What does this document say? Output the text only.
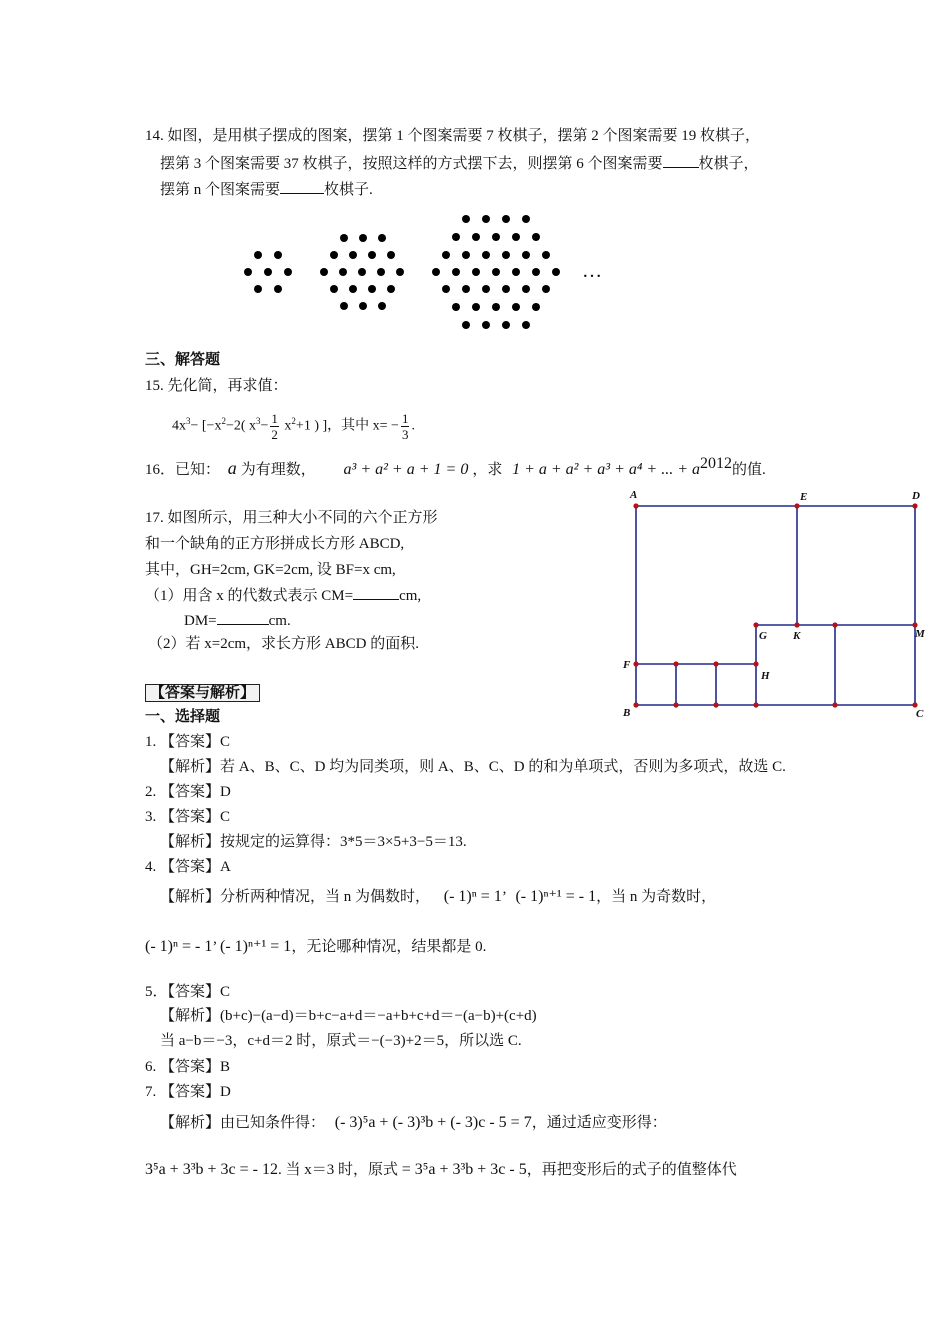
14. 如图，是用棋子摆成的图案，摆第 1 个图案需要 7 枚棋子，摆第 2 个图案需要 19 枚棋子，
摆第 3 个图案需要 37 枚棋子，按照这样的方式摆下去，则摆第 6 个图案需要 枚棋子，
摆第 n 个图案需要	枚棋子.
…
三、解答题
15. 先化简，再求值：
$4x^3- [-x^2-2$( $x^3- \frac{1}{2} x^2+1$ ) ]，其中 $x= - \frac{1}{3}$ .
16．已知： a 为有理数， a³ + a² + a + 1 = 0 ，求 1 + a + a² + a³ + a⁴ + ... + $a^{2012}$的值.
17. 如图所示，用三种大小不同的六个正方形
和一个缺角的正方形拼成长方形 ABCD,
其中，GH=2cm, GK=2cm, 设 BF=x cm,
（1）用含 x 的代数式表示 CM=	cm,
DM=	cm.
（2）若 x=2cm，求长方形 ABCD 的面积.
A	E	D
G K	M
F
H
B	C
【答案与解析】
一、选择题
1. 【答案】C
【解析】若 A、B、C、D 均为同类项，则 A、B、C、D 的和为单项式，否则为多项式，故选 C.
2. 【答案】D
3. 【答案】C
【解析】按规定的运算得：3*5＝3×5+3−5＝13.
4. 【答案】A
【解析】分析两种情况，当 n 为偶数时， (- 1)ⁿ = 1’ (- 1)ⁿ⁺¹ = - 1，当 n 为奇数时，
(- 1)ⁿ = - 1’ (- 1)ⁿ⁺¹ = 1，无论哪种情况，结果都是 0.
5．【答案】C
【解析】(b+c)−(a−d)＝b+c−a+d＝−a+b+c+d＝−(a−b)+(c+d)
当 a−b＝−3，c+d＝2 时，原式＝−(−3)+2＝5，所以选 C.
6. 【答案】B
7. 【答案】D
【解析】由已知条件得： (- 3)⁵a + (- 3)³b + (- 3)c - 5 = 7，通过适应变形得：
3⁵a + 3³b + 3c = - 12. 当 x＝3 时，原式 = 3⁵a + 3³b + 3c - 5，再把变形后的式子的值整体代
